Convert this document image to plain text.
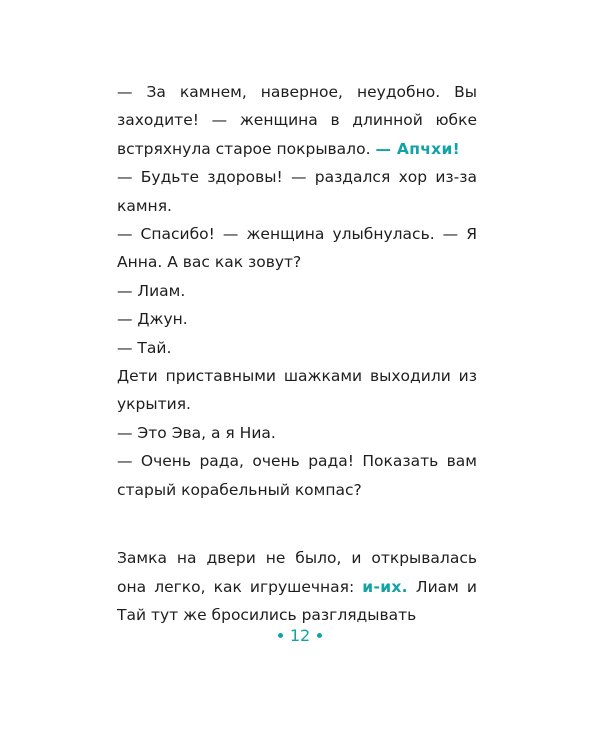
— За камнем, наверное, неудобно. Вы заходите! — женщина в длинной юбке встряхнула старое покрывало. — Апчхи!

— Будьте здоровы! — раздался хор из-за камня.

— Спасибо! — женщина улыбнулась. — Я Анна. А вас как зовут?

— Лиам.

— Джун.

— Тай.

Дети приставными шажками выходили из укрытия.

— Это Эва, а я Ниа.

— Очень рада, очень рада! Показать вам старый корабельный компас?

Замка на двери не было, и открывалась она легко, как игрушечная: и-их. Лиам и Тай тут же бросились разглядывать

12
